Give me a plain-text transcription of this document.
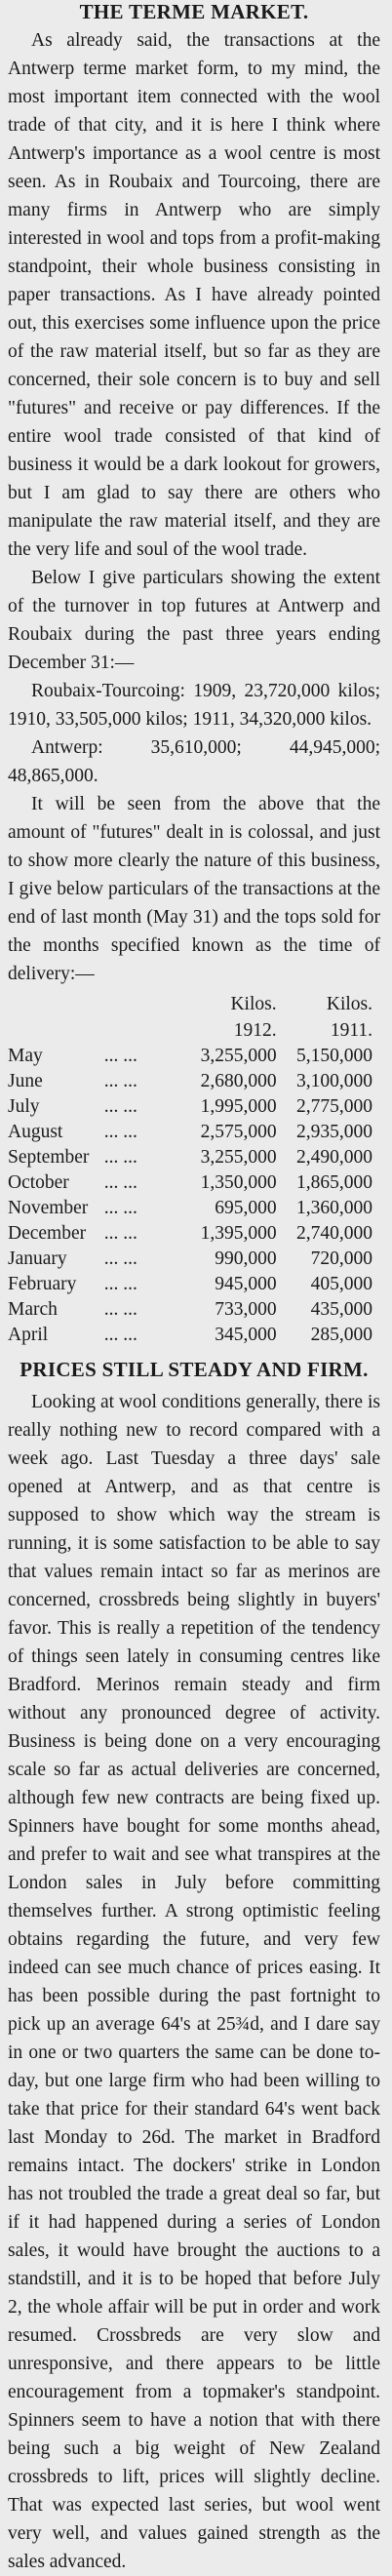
THE TERME MARKET.

As already said, the transactions at the Antwerp terme market form, to my mind, the most important item connected with the wool trade of that city, and it is here I think where Antwerp's importance as a wool centre is most seen. As in Roubaix and Tourcoing, there are many firms in Antwerp who are simply interested in wool and tops from a profit-making standpoint, their whole business consisting in paper transactions. As I have already pointed out, this exercises some influence upon the price of the raw material itself, but so far as they are concerned, their sole concern is to buy and sell "futures" and receive or pay differences. If the entire wool trade consisted of that kind of business it would be a dark lookout for growers, but I am glad to say there are others who manipulate the raw material itself, and they are the very life and soul of the wool trade.

Below I give particulars showing the extent of the turnover in top futures at Antwerp and Roubaix during the past three years ending December 31:—

Roubaix-Tourcoing: 1909, 23,720,000 kilos; 1910, 33,505,000 kilos; 1911, 34,320,000 kilos.

Antwerp: 35,610,000; 44,945,000; 48,865,000.

It will be seen from the above that the amount of "futures" dealt in is colossal, and just to show more clearly the nature of this business, I give below particulars of the transactions at the end of last month (May 31) and the tops sold for the months specified known as the time of delivery:—

		Kilos.	Kilos.
		1912.	1911.
May	... ...	3,255,000	5,150,000
June	... ...	2,680,000	3,100,000
July	... ...	1,995,000	2,775,000
August	... ...	2,575,000	2,935,000
September	... ...	3,255,000	2,490,000
October	... ...	1,350,000	1,865,000
November	... ...	695,000	1,360,000
December	... ...	1,395,000	2,740,000
January	... ...	990,000	720,000
February	... ...	945,000	405,000
March	... ...	733,000	435,000
April	... ...	345,000	285,000
PRICES STILL STEADY AND FIRM.

Looking at wool conditions generally, there is really nothing new to record compared with a week ago. Last Tuesday a three days' sale opened at Antwerp, and as that centre is supposed to show which way the stream is running, it is some satisfaction to be able to say that values remain intact so far as merinos are concerned, crossbreds being slightly in buyers' favor. This is really a repetition of the tendency of things seen lately in consuming centres like Bradford. Merinos remain steady and firm without any pronounced degree of activity. Business is being done on a very encouraging scale so far as actual deliveries are concerned, although few new contracts are being fixed up. Spinners have bought for some months ahead, and prefer to wait and see what transpires at the London sales in July before committing themselves further. A strong optimistic feeling obtains regarding the future, and very few indeed can see much chance of prices easing. It has been possible during the past fortnight to pick up an average 64's at 25¾d, and I dare say in one or two quarters the same can be done to-day, but one large firm who had been willing to take that price for their standard 64's went back last Monday to 26d. The market in Bradford remains intact. The dockers' strike in London has not troubled the trade a great deal so far, but if it had happened during a series of London sales, it would have brought the auctions to a standstill, and it is to be hoped that before July 2, the whole affair will be put in order and work resumed. Crossbreds are very slow and unresponsive, and there appears to be little encouragement from a topmaker's standpoint. Spinners seem to have a notion that with there being such a big weight of New Zealand crossbreds to lift, prices will slightly decline. That was expected last series, but wool went very well, and values gained strength as the sales advanced.
